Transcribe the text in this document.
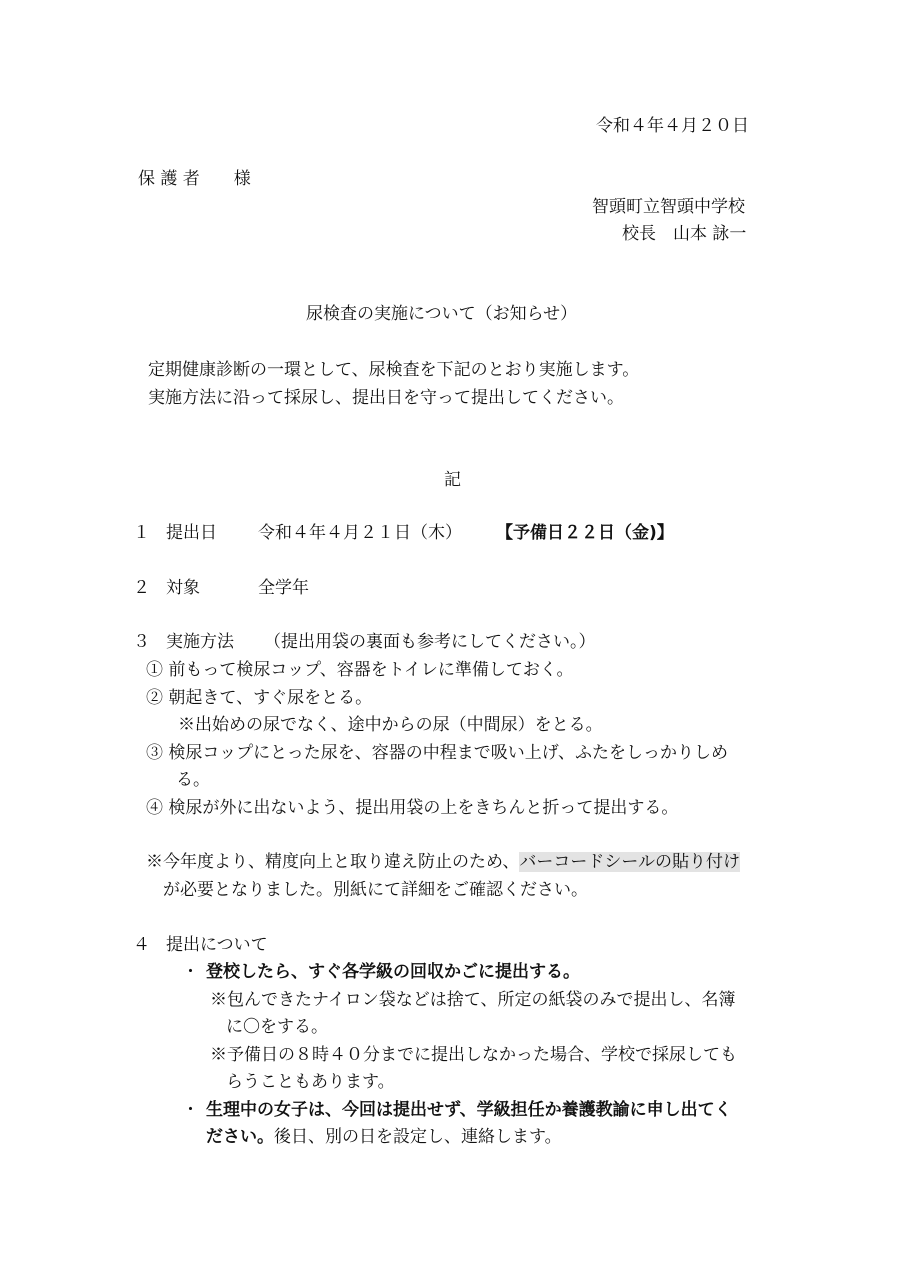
令和４年４月２０日
保 護 者　　様
智頭町立智頭中学校
校長　山本 詠一
尿検査の実施について（お知らせ）
定期健康診断の一環として、尿検査を下記のとおり実施します。
実施方法に沿って採尿し、提出日を守って提出してください。
記
１ 提出日 令和４年４月２１日（木） 【予備日２２日（金)】
２ 対象	全学年
３ 実施方法 （提出用袋の裏面も参考にしてください。）
① 前もって検尿コップ、容器をトイレに準備しておく。
② 朝起きて、すぐ尿をとる。
※出始めの尿でなく、途中からの尿（中間尿）をとる。
③ 検尿コップにとった尿を、容器の中程まで吸い上げ、ふたをしっかりしめ
る。
④ 検尿が外に出ないよう、提出用袋の上をきちんと折って提出する。
※今年度より、精度向上と取り違え防止のため、バーコードシールの貼り付け
が必要となりました。別紙にて詳細をご確認ください。
４ 提出について
・ 登校したら、すぐ各学級の回収かごに提出する。
※包んできたナイロン袋などは捨て、所定の紙袋のみで提出し、名簿
に〇をする。
※予備日の８時４０分までに提出しなかった場合、学校で採尿しても
らうこともあります。
・ 生理中の女子は、今回は提出せず、学級担任か養護教諭に申し出てく
ださい。後日、別の日を設定し、連絡します。
